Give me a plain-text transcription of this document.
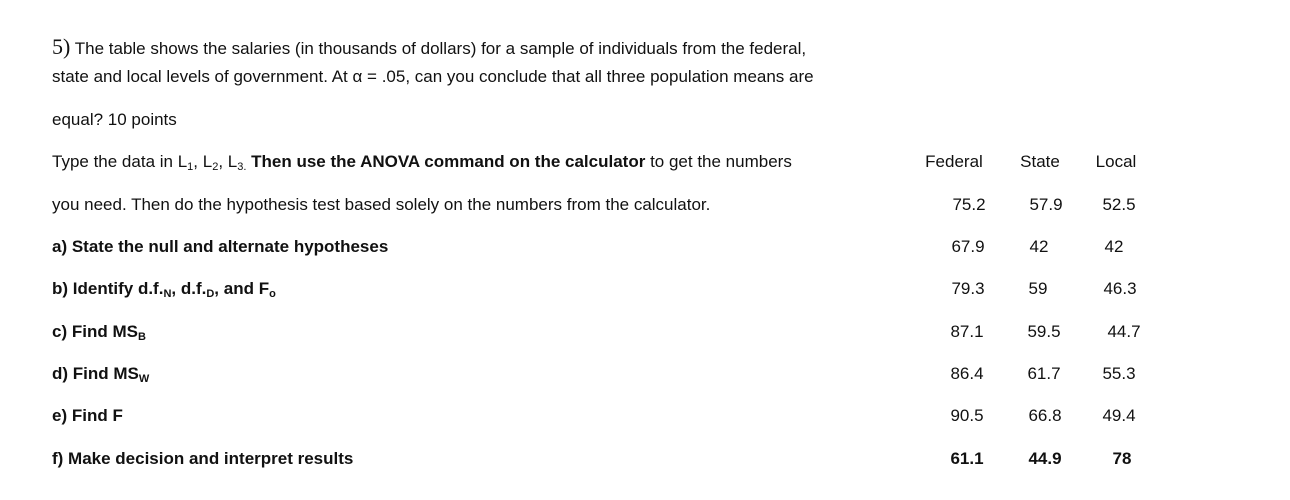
5) The table shows the salaries (in thousands of dollars) for a sample of individuals from the federal,
state and local levels of government. At α = .05, can you conclude that all three population means are
equal? 10 points
Type the data in $L_1$, $L_2$, $L_{3.}$ Then use the ANOVA command on the calculator to get the numbers
you need. Then do the hypothesis test based solely on the numbers from the calculator.
a) State the null and alternate hypotheses
b) Identify $d.f._N$, $d.f._D$, and $F_o$
c) Find $MS_B$
d) Find $MS_W$
e) Find F
f) Make decision and interpret results
Federal	State	Local
75.2	57.9	52.5
67.9	42	42
79.3	59	46.3
87.1	59.5	44.7
86.4	61.7	55.3
90.5	66.8	49.4
61.1	44.9	78
